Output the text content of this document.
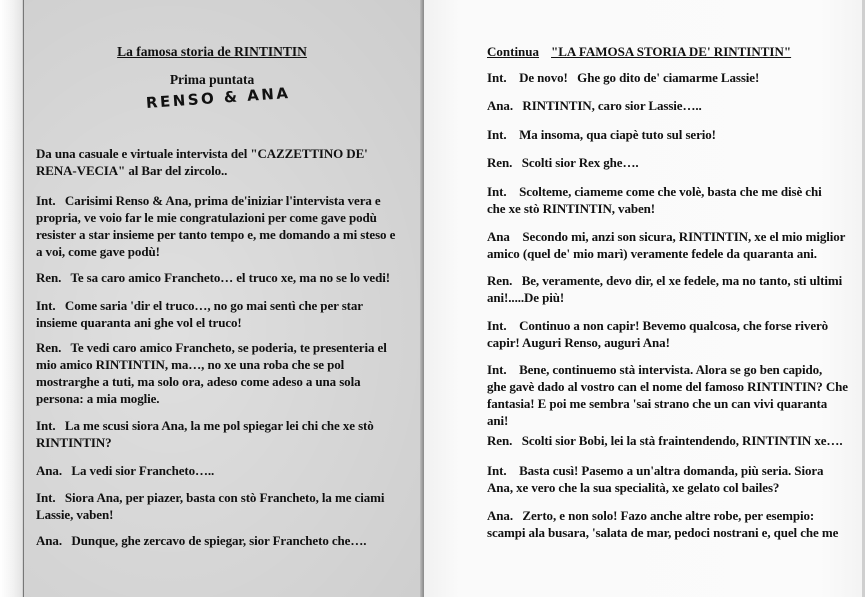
La famosa storia de RINTINTIN
Prima puntata
RENSO & ANA
Da una casuale e virtuale intervista del "CAZZETTINO DE'
RENA-VECIA" al Bar del zircolo..
Int.   Carisimi Renso & Ana, prima de'iniziar l'intervista vera e
propria, ve voio far le mie congratulazioni per come gave podù
resister a star insieme per tanto tempo e, me domando a mi steso e
a voi, come gave podù!
Ren.   Te sa caro amico Francheto… el truco xe, ma no se lo vedi!
Int.   Come saria 'dir el truco…, no go mai sentì che per star
insieme quaranta ani ghe vol el truco!
Ren.   Te vedi caro amico Francheto, se poderia, te presenteria el
mio amico RINTINTIN, ma…, no xe una roba che se pol
mostrarghe a tuti, ma solo ora, adeso come adeso a una sola
persona: a mia moglie.
Int.   La me scusi siora Ana, la me pol spiegar lei chi che xe stò
RINTINTIN?
Ana.   La vedi sior Francheto…..
Int.   Siora Ana, per piazer, basta con stò Francheto, la me ciami
Lassie, vaben!
Ana.   Dunque, ghe zercavo de spiegar, sior Francheto che….
Continua "LA FAMOSA STORIA DE' RINTINTIN"
Int.    De novo!   Ghe go dito de' ciamarme Lassie!
Ana.   RINTINTIN, caro sior Lassie…..
Int.    Ma insoma, qua ciapè tuto sul serio!
Ren.   Scolti sior Rex ghe….
Int.    Scolteme, ciameme come che volè, basta che me disè chi
che xe stò RINTINTIN, vaben!
Ana    Secondo mi, anzi son sicura, RINTINTIN, xe el mio miglior
amico (quel de' mio marì) veramente fedele da quaranta ani.
Ren.   Be, veramente, devo dir, el xe fedele, ma no tanto, sti ultimi
ani!.....De più!
Int.    Continuo a non capir! Bevemo qualcosa, che forse riverò
capir! Auguri Renso, auguri Ana!
Int.    Bene, continuemo stà intervista. Alora se go ben capido,
ghe gavè dado al vostro can el nome del famoso RINTINTIN? Che
fantasia! E poi me sembra 'sai strano che un can vivi quaranta
ani!
Ren.   Scolti sior Bobi, lei la stà fraintendendo, RINTINTIN xe….
Int.    Basta cusì! Pasemo a un'altra domanda, più seria. Siora
Ana, xe vero che la sua specialità, xe gelato col bailes?
Ana.   Zerto, e non solo! Fazo anche altre robe, per esempio:
scampi ala busara, 'salata de mar, pedoci nostrani e, quel che me
